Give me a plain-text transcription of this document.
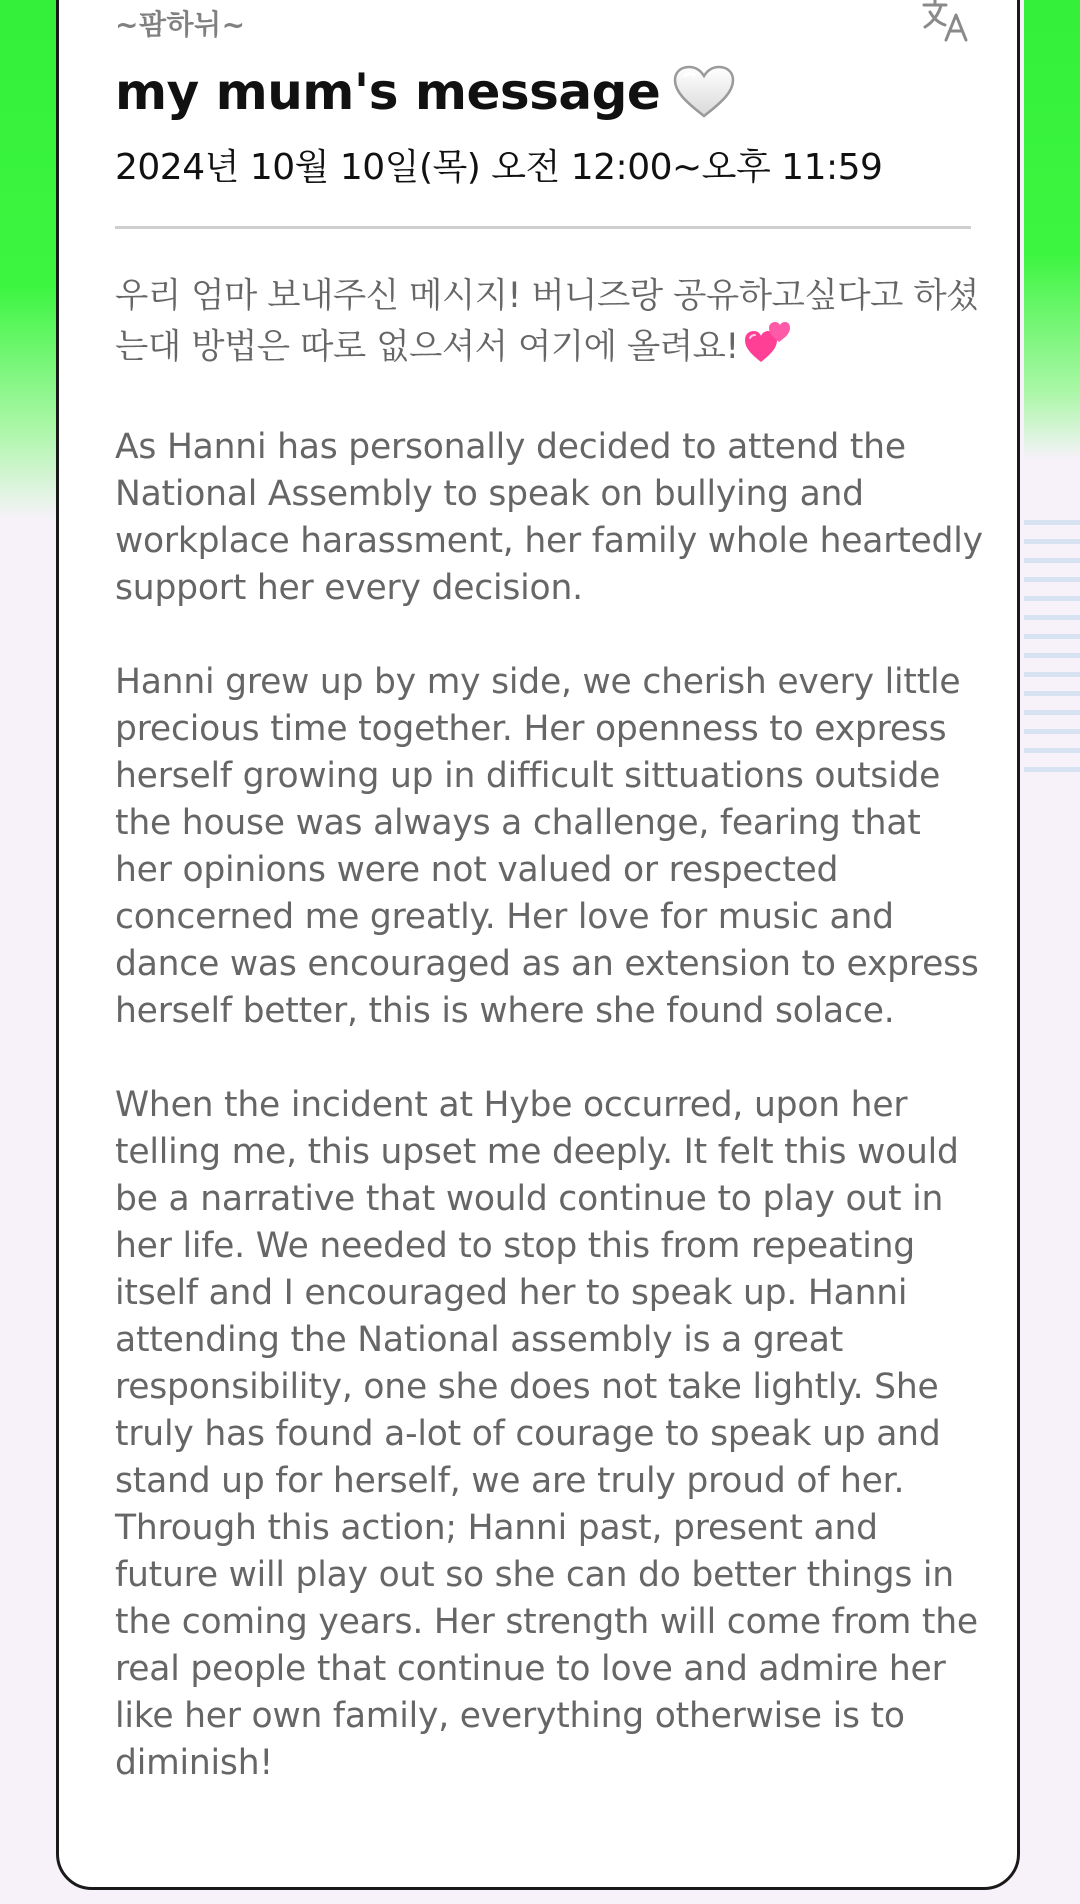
~팜하뉘~
my mum's message
2024년 10월 10일(목) 오전 12:00~오후 11:59

우리 엄마 보내주신 메시지! 버니즈랑 공유하고싶다고 하셨는대 방법은 따로 없으셔서 여기에 올려요!

As Hanni has personally decided to attend the National Assembly to speak on bullying and workplace harassment, her family whole heartedly support her every decision.

Hanni grew up by my side, we cherish every little precious time together. Her openness to express herself growing up in difficult sittuations outside the house was always a challenge, fearing that her opinions were not valued or respected concerned me greatly. Her love for music and dance was encouraged as an extension to express herself better, this is where she found solace.

When the incident at Hybe occurred, upon her telling me, this upset me deeply. It felt this would be a narrative that would continue to play out in her life. We needed to stop this from repeating itself and I encouraged her to speak up. Hanni attending the National assembly is a great responsibility, one she does not take lightly. She truly has found a-lot of courage to speak up and stand up for herself, we are truly proud of her. Through this action; Hanni past, present and future will play out so she can do better things in the coming years. Her strength will come from the real people that continue to love and admire her like her own family, everything otherwise is to diminish!
